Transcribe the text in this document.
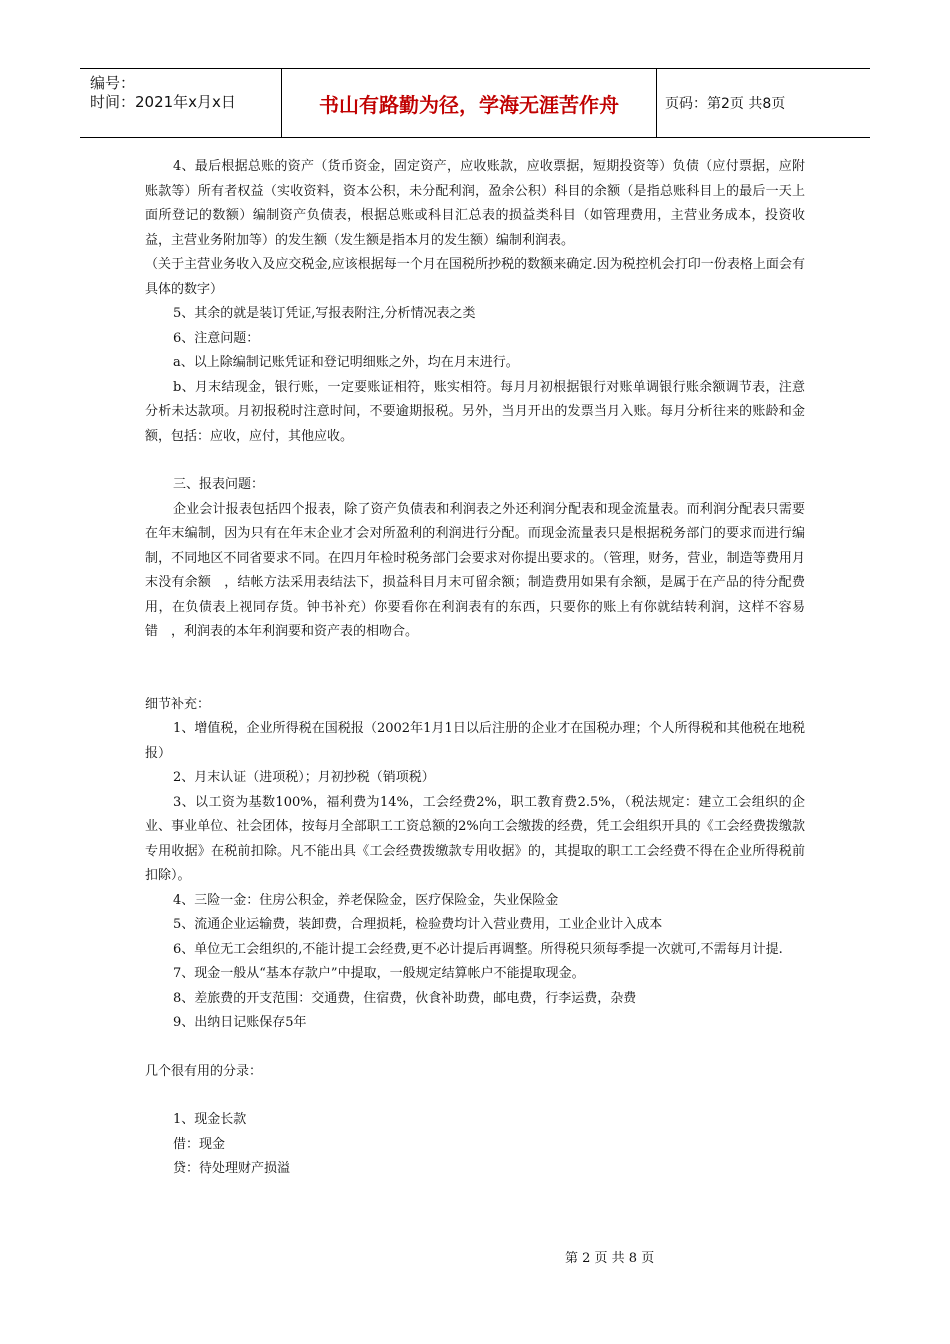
编号：
时间：2021年x月x日	书山有路勤为径，学海无涯苦作舟	页码：第2页 共8页

4、最后根据总账的资产（货币资金，固定资产，应收账款，应收票据，短期投资等）负债（应付票据，应附账款等）所有者权益（实收资料，资本公积，未分配利润，盈余公积）科目的余额（是指总账科目上的最后一天上面所登记的数额）编制资产负债表，根据总账或科目汇总表的损益类科目（如管理费用，主营业务成本，投资收益，主营业务附加等）的发生额（发生额是指本月的发生额）编制利润表。

（关于主营业务收入及应交税金,应该根据每一个月在国税所抄税的数额来确定.因为税控机会打印一份表格上面会有具体的数字）

5、其余的就是装订凭证,写报表附注,分析情况表之类

6、注意问题：

a、以上除编制记账凭证和登记明细账之外，均在月末进行。

b、月末结现金，银行账，一定要账证相符，账实相符。每月月初根据银行对账单调银行账余额调节表，注意分析未达款项。月初报税时注意时间，不要逾期报税。另外，当月开出的发票当月入账。每月分析往来的账龄和金额，包括：应收，应付，其他应收。

三、报表问题：

企业会计报表包括四个报表，除了资产负债表和利润表之外还利润分配表和现金流量表。而利润分配表只需要在年末编制，因为只有在年末企业才会对所盈利的利润进行分配。而现金流量表只是根据税务部门的要求而进行编制，不同地区不同省要求不同。在四月年检时税务部门会要求对你提出要求的。（管理，财务，营业，制造等费用月末没有余额　，结帐方法采用表结法下，损益科目月末可留余额；制造费用如果有余额，是属于在产品的待分配费用，在负债表上视同存货。钟书补充）你要看你在利润表有的东西，只要你的账上有你就结转利润，这样不容易错　，利润表的本年利润要和资产表的相吻合。

细节补充：

1、增值税，企业所得税在国税报（2002年1月1日以后注册的企业才在国税办理；个人所得税和其他税在地税报）

2、月末认证（进项税）；月初抄税（销项税）

3、以工资为基数100%，福利费为14%，工会经费2%，职工教育费2.5%，（税法规定：建立工会组织的企业、事业单位、社会团体，按每月全部职工工资总额的2%向工会缴拨的经费，凭工会组织开具的《工会经费拨缴款专用收据》在税前扣除。凡不能出具《工会经费拨缴款专用收据》的，其提取的职工工会经费不得在企业所得税前扣除）。

4、三险一金：住房公积金，养老保险金，医疗保险金，失业保险金

5、流通企业运输费，装卸费，合理损耗，检验费均计入营业费用，工业企业计入成本

6、单位无工会组织的,不能计提工会经费,更不必计提后再调整。所得税只须每季提一次就可,不需每月计提.

7、现金一般从“基本存款户”中提取，一般规定结算帐户不能提取现金。

8、差旅费的开支范围：交通费，住宿费，伙食补助费，邮电费，行李运费，杂费

9、出纳日记账保存5年

几个很有用的分录：

1、现金长款

借：现金

贷：待处理财产损溢

第 2 页 共 8 页
